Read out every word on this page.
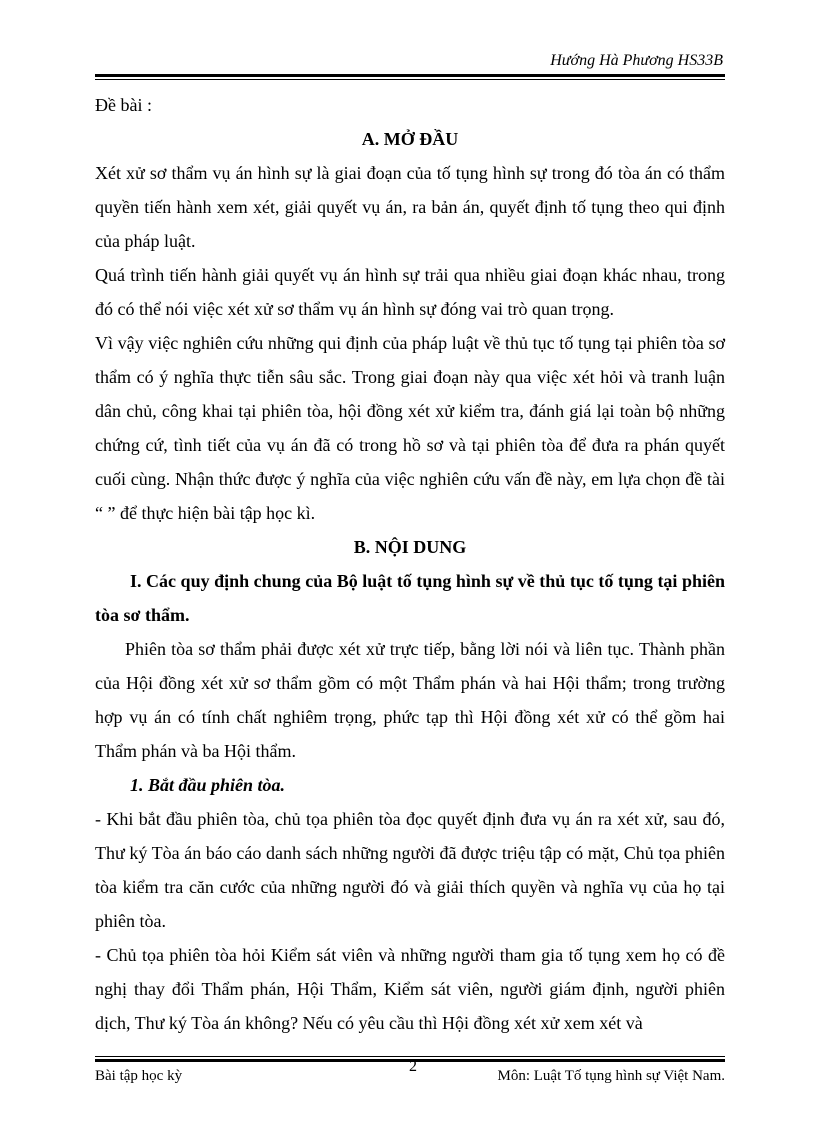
Hướng Hà Phương HS33B

Đề bài :

A. MỞ ĐẦU

Xét xử sơ thẩm vụ án hình sự là giai đoạn của tố tụng hình sự trong đó tòa án có thẩm quyền tiến hành xem xét, giải quyết vụ án, ra bản án, quyết định tố tụng theo qui định của pháp luật.

Quá trình tiến hành giải quyết vụ án hình sự trải qua nhiều giai đoạn khác nhau, trong đó có thể nói việc xét xử sơ thẩm vụ án hình sự đóng vai trò quan trọng.

Vì vậy việc nghiên cứu những qui định của pháp luật về thủ tục tố tụng tại phiên tòa sơ thẩm có ý nghĩa thực tiễn sâu sắc. Trong giai đoạn này qua việc xét hỏi và tranh luận dân chủ, công khai tại phiên tòa, hội đồng xét xử kiểm tra, đánh giá lại toàn bộ những chứng cứ, tình tiết của vụ án đã có trong hồ sơ và tại phiên tòa để đưa ra phán quyết cuối cùng. Nhận thức được ý nghĩa của việc nghiên cứu vấn đề này, em lựa chọn đề tài “ ” để thực hiện bài tập học kì.

B. NỘI DUNG

I. Các quy định chung của Bộ luật tố tụng hình sự về thủ tục tố tụng tại phiên tòa sơ thẩm.

Phiên tòa sơ thẩm phải được xét xử trực tiếp, bằng lời nói và liên tục. Thành phần của Hội đồng xét xử sơ thẩm gồm có một Thẩm phán và hai Hội thẩm; trong trường hợp vụ án có tính chất nghiêm trọng, phức tạp thì Hội đồng xét xử có thể gồm hai Thẩm phán và ba Hội thẩm.

1. Bắt đầu phiên tòa.

- Khi bắt đầu phiên tòa, chủ tọa phiên tòa đọc quyết định đưa vụ án ra xét xử, sau đó, Thư ký Tòa án báo cáo danh sách những người đã được triệu tập có mặt, Chủ tọa phiên tòa kiểm tra căn cước của những người đó và giải thích quyền và nghĩa vụ của họ tại phiên tòa.

- Chủ tọa phiên tòa hỏi Kiểm sát viên và những người tham gia tố tụng xem họ có đề nghị thay đổi Thẩm phán, Hội Thẩm, Kiểm sát viên, người giám định, người phiên dịch, Thư ký Tòa án không? Nếu có yêu cầu thì Hội đồng xét xử xem xét và

Bài tập học kỳ
2
Môn: Luật Tố tụng hình sự Việt Nam.
